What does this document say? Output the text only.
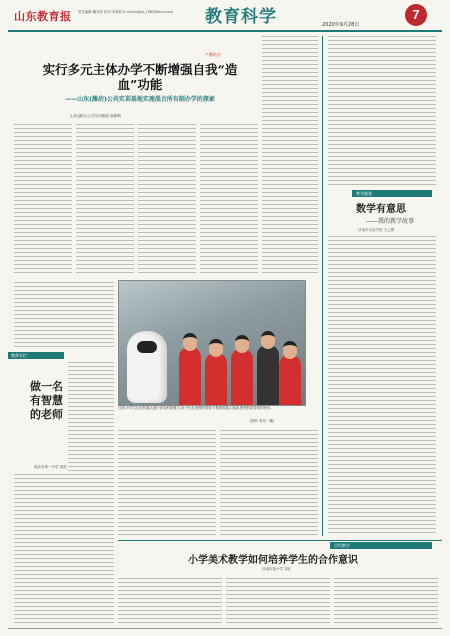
山东教育报 责任编辑:魏菲菲 校对:李莉莉 E-mail:sdjyb_1985@sina.com	教育科学	2020年9月28日
7
产教结合
实行多元主体办学不断增强自我“造血”功能
——山东(潍坊)公共实训基地实施混合所有制办学的探索
山东(潍坊)公共实训基地 高顺利
教学随笔
数学有意思
——我的教学故事
济南市实验学校 王心柳
日前,小学生们在机器人展厅体验科技魅力,孩子们在老师的带领下观看机器人表演,感受科技带来的快乐。
(图片 李宗一摄)
教师专栏
做一名有智慧的老师
临沂市第一中学 刘英
学科教学
小学美术教学如何培养学生的合作意识
济南市某小学 刘红
